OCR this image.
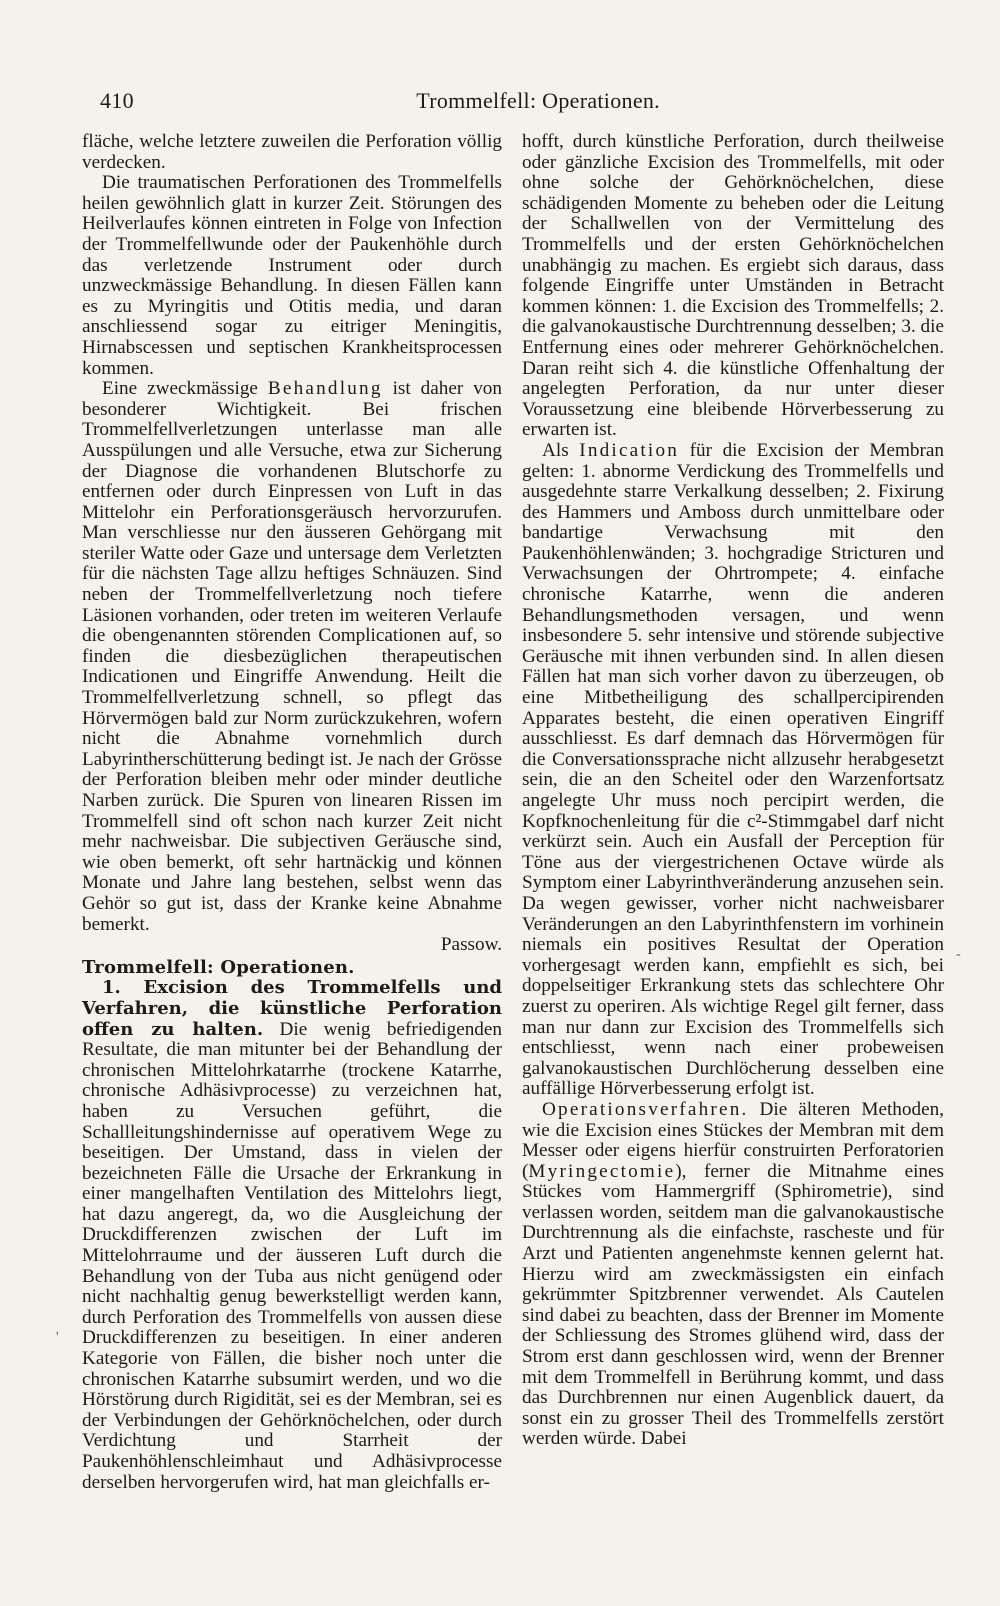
410	Trommelfell: Operationen.

fläche, welche letztere zuweilen die Perforation völlig verdecken.

Die traumatischen Perforationen des Trommelfells heilen gewöhnlich glatt in kurzer Zeit. Störungen des Heilverlaufes können eintreten in Folge von Infection der Trommelfellwunde oder der Paukenhöhle durch das verletzende Instrument oder durch unzweckmässige Behandlung. In diesen Fällen kann es zu Myringitis und Otitis media, und daran anschliessend sogar zu eitriger Meningitis, Hirnabscessen und septischen Krankheitsprocessen kommen.

Eine zweckmässige Behandlung ist daher von besonderer Wichtigkeit. Bei frischen Trommelfellverletzungen unterlasse man alle Ausspülungen und alle Versuche, etwa zur Sicherung der Diagnose die vorhandenen Blutschorfe zu entfernen oder durch Einpressen von Luft in das Mittelohr ein Perforationsgeräusch hervorzurufen. Man verschliesse nur den äusseren Gehörgang mit steriler Watte oder Gaze und untersage dem Verletzten für die nächsten Tage allzu heftiges Schnäuzen. Sind neben der Trommelfellverletzung noch tiefere Läsionen vorhanden, oder treten im weiteren Verlaufe die obengenannten störenden Complicationen auf, so finden die diesbezüglichen therapeutischen Indicationen und Eingriffe Anwendung. Heilt die Trommelfellverletzung schnell, so pflegt das Hörvermögen bald zur Norm zurückzukehren, wofern nicht die Abnahme vornehmlich durch Labyrintherschütterung bedingt ist. Je nach der Grösse der Perforation bleiben mehr oder minder deutliche Narben zurück. Die Spuren von linearen Rissen im Trommelfell sind oft schon nach kurzer Zeit nicht mehr nachweisbar. Die subjectiven Geräusche sind, wie oben bemerkt, oft sehr hartnäckig und können Monate und Jahre lang bestehen, selbst wenn das Gehör so gut ist, dass der Kranke keine Abnahme bemerkt.

Passow.

Trommelfell: Operationen.

1. Excision des Trommelfells und Verfahren, die künstliche Perforation offen zu halten. Die wenig befriedigenden Resultate, die man mitunter bei der Behandlung der chronischen Mittelohrkatarrhe (trockene Katarrhe, chronische Adhäsivprocesse) zu verzeichnen hat, haben zu Versuchen geführt, die Schallleitungshindernisse auf operativem Wege zu beseitigen. Der Umstand, dass in vielen der bezeichneten Fälle die Ursache der Erkrankung in einer mangelhaften Ventilation des Mittelohrs liegt, hat dazu angeregt, da, wo die Ausgleichung der Druckdifferenzen zwischen der Luft im Mittelohrraume und der äusseren Luft durch die Behandlung von der Tuba aus nicht genügend oder nicht nachhaltig genug bewerkstelligt werden kann, durch Perforation des Trommelfells von aussen diese Druckdifferenzen zu beseitigen. In einer anderen Kategorie von Fällen, die bisher noch unter die chronischen Katarrhe subsumirt werden, und wo die Hörstörung durch Rigidität, sei es der Membran, sei es der Verbindungen der Gehörknöchelchen, oder durch Verdichtung und Starrheit der Paukenhöhlenschleimhaut und Adhäsivprocesse derselben hervorgerufen wird, hat man gleichfalls er-

hofft, durch künstliche Perforation, durch theilweise oder gänzliche Excision des Trommelfells, mit oder ohne solche der Gehörknöchelchen, diese schädigenden Momente zu beheben oder die Leitung der Schallwellen von der Vermittelung des Trommelfells und der ersten Gehörknöchelchen unabhängig zu machen. Es ergiebt sich daraus, dass folgende Eingriffe unter Umständen in Betracht kommen können: 1. die Excision des Trommelfells; 2. die galvanokaustische Durchtrennung desselben; 3. die Entfernung eines oder mehrerer Gehörknöchelchen. Daran reiht sich 4. die künstliche Offenhaltung der angelegten Perforation, da nur unter dieser Voraussetzung eine bleibende Hörverbesserung zu erwarten ist.

Als Indication für die Excision der Membran gelten: 1. abnorme Verdickung des Trommelfells und ausgedehnte starre Verkalkung desselben; 2. Fixirung des Hammers und Amboss durch unmittelbare oder bandartige Verwachsung mit den Paukenhöhlenwänden; 3. hochgradige Stricturen und Verwachsungen der Ohrtrompete; 4. einfache chronische Katarrhe, wenn die anderen Behandlungsmethoden versagen, und wenn insbesondere 5. sehr intensive und störende subjective Geräusche mit ihnen verbunden sind. In allen diesen Fällen hat man sich vorher davon zu überzeugen, ob eine Mitbetheiligung des schallpercipirenden Apparates besteht, die einen operativen Eingriff ausschliesst. Es darf demnach das Hörvermögen für die Conversationssprache nicht allzusehr herabgesetzt sein, die an den Scheitel oder den Warzenfortsatz angelegte Uhr muss noch percipirt werden, die Kopfknochenleitung für die c²-Stimmgabel darf nicht verkürzt sein. Auch ein Ausfall der Perception für Töne aus der viergestrichenen Octave würde als Symptom einer Labyrinthveränderung anzusehen sein. Da wegen gewisser, vorher nicht nachweisbarer Veränderungen an den Labyrinthfenstern im vorhinein niemals ein positives Resultat der Operation vorhergesagt werden kann, empfiehlt es sich, bei doppelseitiger Erkrankung stets das schlechtere Ohr zuerst zu operiren. Als wichtige Regel gilt ferner, dass man nur dann zur Excision des Trommelfells sich entschliesst, wenn nach einer probeweisen galvanokaustischen Durchlöcherung desselben eine auffällige Hörverbesserung erfolgt ist.

Operationsverfahren. Die älteren Methoden, wie die Excision eines Stückes der Membran mit dem Messer oder eigens hierfür construirten Perforatorien (Myringectomie), ferner die Mitnahme eines Stückes vom Hammergriff (Sphirometrie), sind verlassen worden, seitdem man die galvanokaustische Durchtrennung als die einfachste, rascheste und für Arzt und Patienten angenehmste kennen gelernt hat. Hierzu wird am zweckmässigsten ein einfach gekrümmter Spitzbrenner verwendet. Als Cautelen sind dabei zu beachten, dass der Brenner im Momente der Schliessung des Stromes glühend wird, dass der Strom erst dann geschlossen wird, wenn der Brenner mit dem Trommelfell in Berührung kommt, und dass das Durchbrennen nur einen Augenblick dauert, da sonst ein zu grosser Theil des Trommelfells zerstört werden würde. Dabei

'
-
